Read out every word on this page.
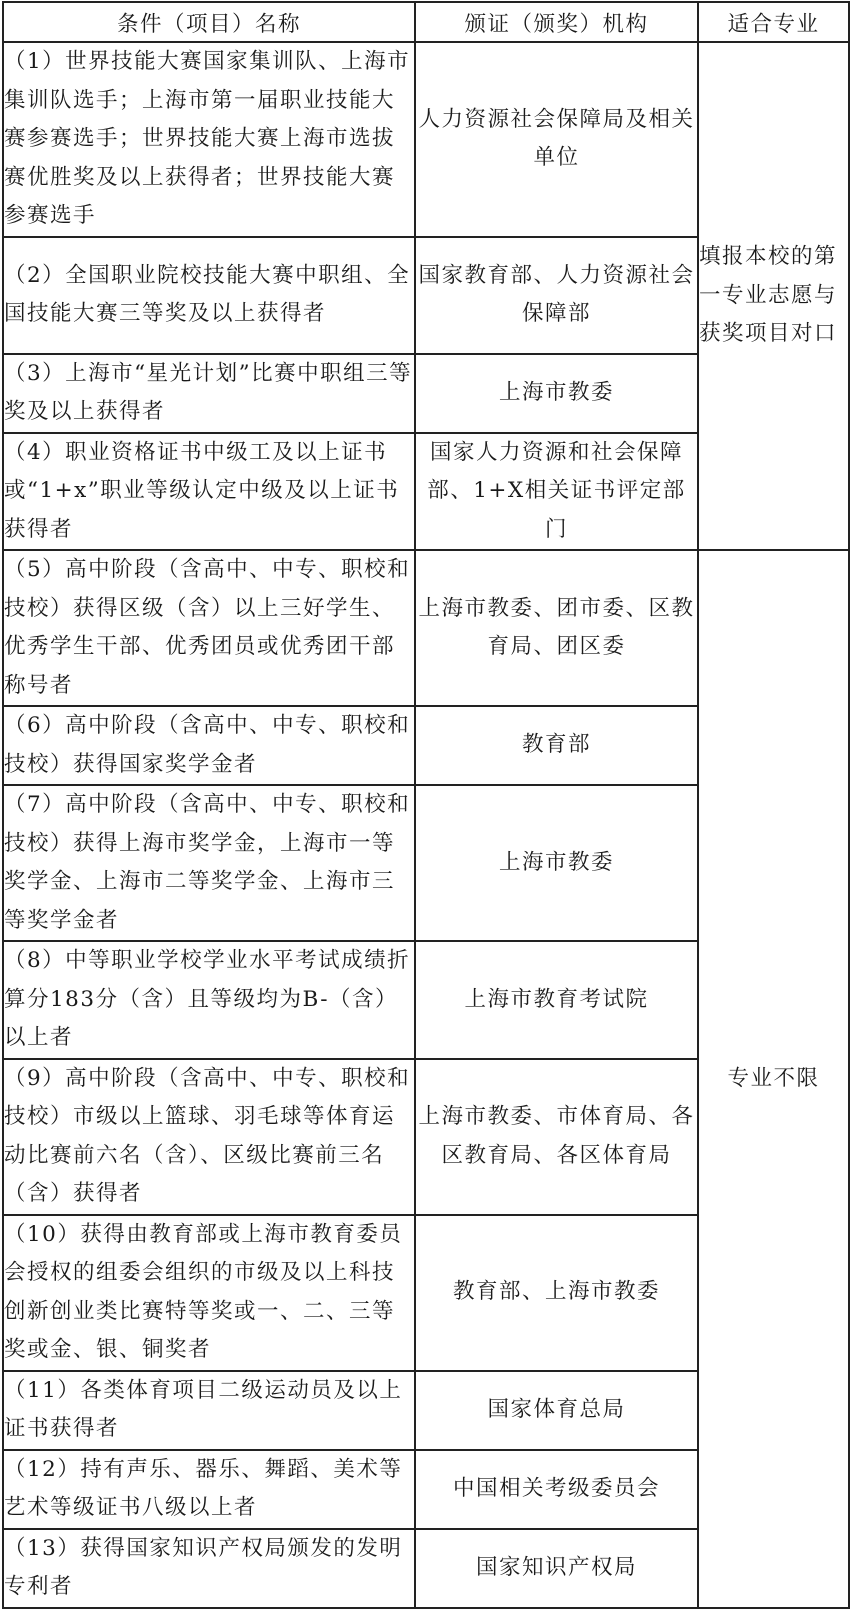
条件（项目）名称	颁证（颁奖）机构	适合专业
（1）世界技能大赛国家集训队、上海市集训队选手；上海市第一届职业技能大赛参赛选手；世界技能大赛上海市选拔赛优胜奖及以上获得者；世界技能大赛参赛选手	人力资源社会保障局及相关单位	填报本校的第一专业志愿与获奖项目对口
（2）全国职业院校技能大赛中职组、全国技能大赛三等奖及以上获得者	国家教育部、人力资源社会保障部	
（3）上海市“星光计划”比赛中职组三等奖及以上获得者	上海市教委	
（4）职业资格证书中级工及以上证书或“1+x”职业等级认定中级及以上证书获得者	国家人力资源和社会保障部、1+X相关证书评定部门	
（5）高中阶段（含高中、中专、职校和技校）获得区级（含）以上三好学生、优秀学生干部、优秀团员或优秀团干部称号者	上海市教委、团市委、区教育局、团区委	专业不限
（6）高中阶段（含高中、中专、职校和技校）获得国家奖学金者	教育部	
（7）高中阶段（含高中、中专、职校和技校）获得上海市奖学金，上海市一等奖学金、上海市二等奖学金、上海市三等奖学金者	上海市教委	
（8）中等职业学校学业水平考试成绩折算分183分（含）且等级均为B-（含）以上者	上海市教育考试院	
（9）高中阶段（含高中、中专、职校和技校）市级以上篮球、羽毛球等体育运动比赛前六名（含）、区级比赛前三名（含）获得者	上海市教委、市体育局、各区教育局、各区体育局	
（10）获得由教育部或上海市教育委员会授权的组委会组织的市级及以上科技创新创业类比赛特等奖或一、二、三等奖或金、银、铜奖者	教育部、上海市教委	
（11）各类体育项目二级运动员及以上证书获得者	国家体育总局	
（12）持有声乐、器乐、舞蹈、美术等艺术等级证书八级以上者	中国相关考级委员会	
（13）获得国家知识产权局颁发的发明专利者	国家知识产权局	
